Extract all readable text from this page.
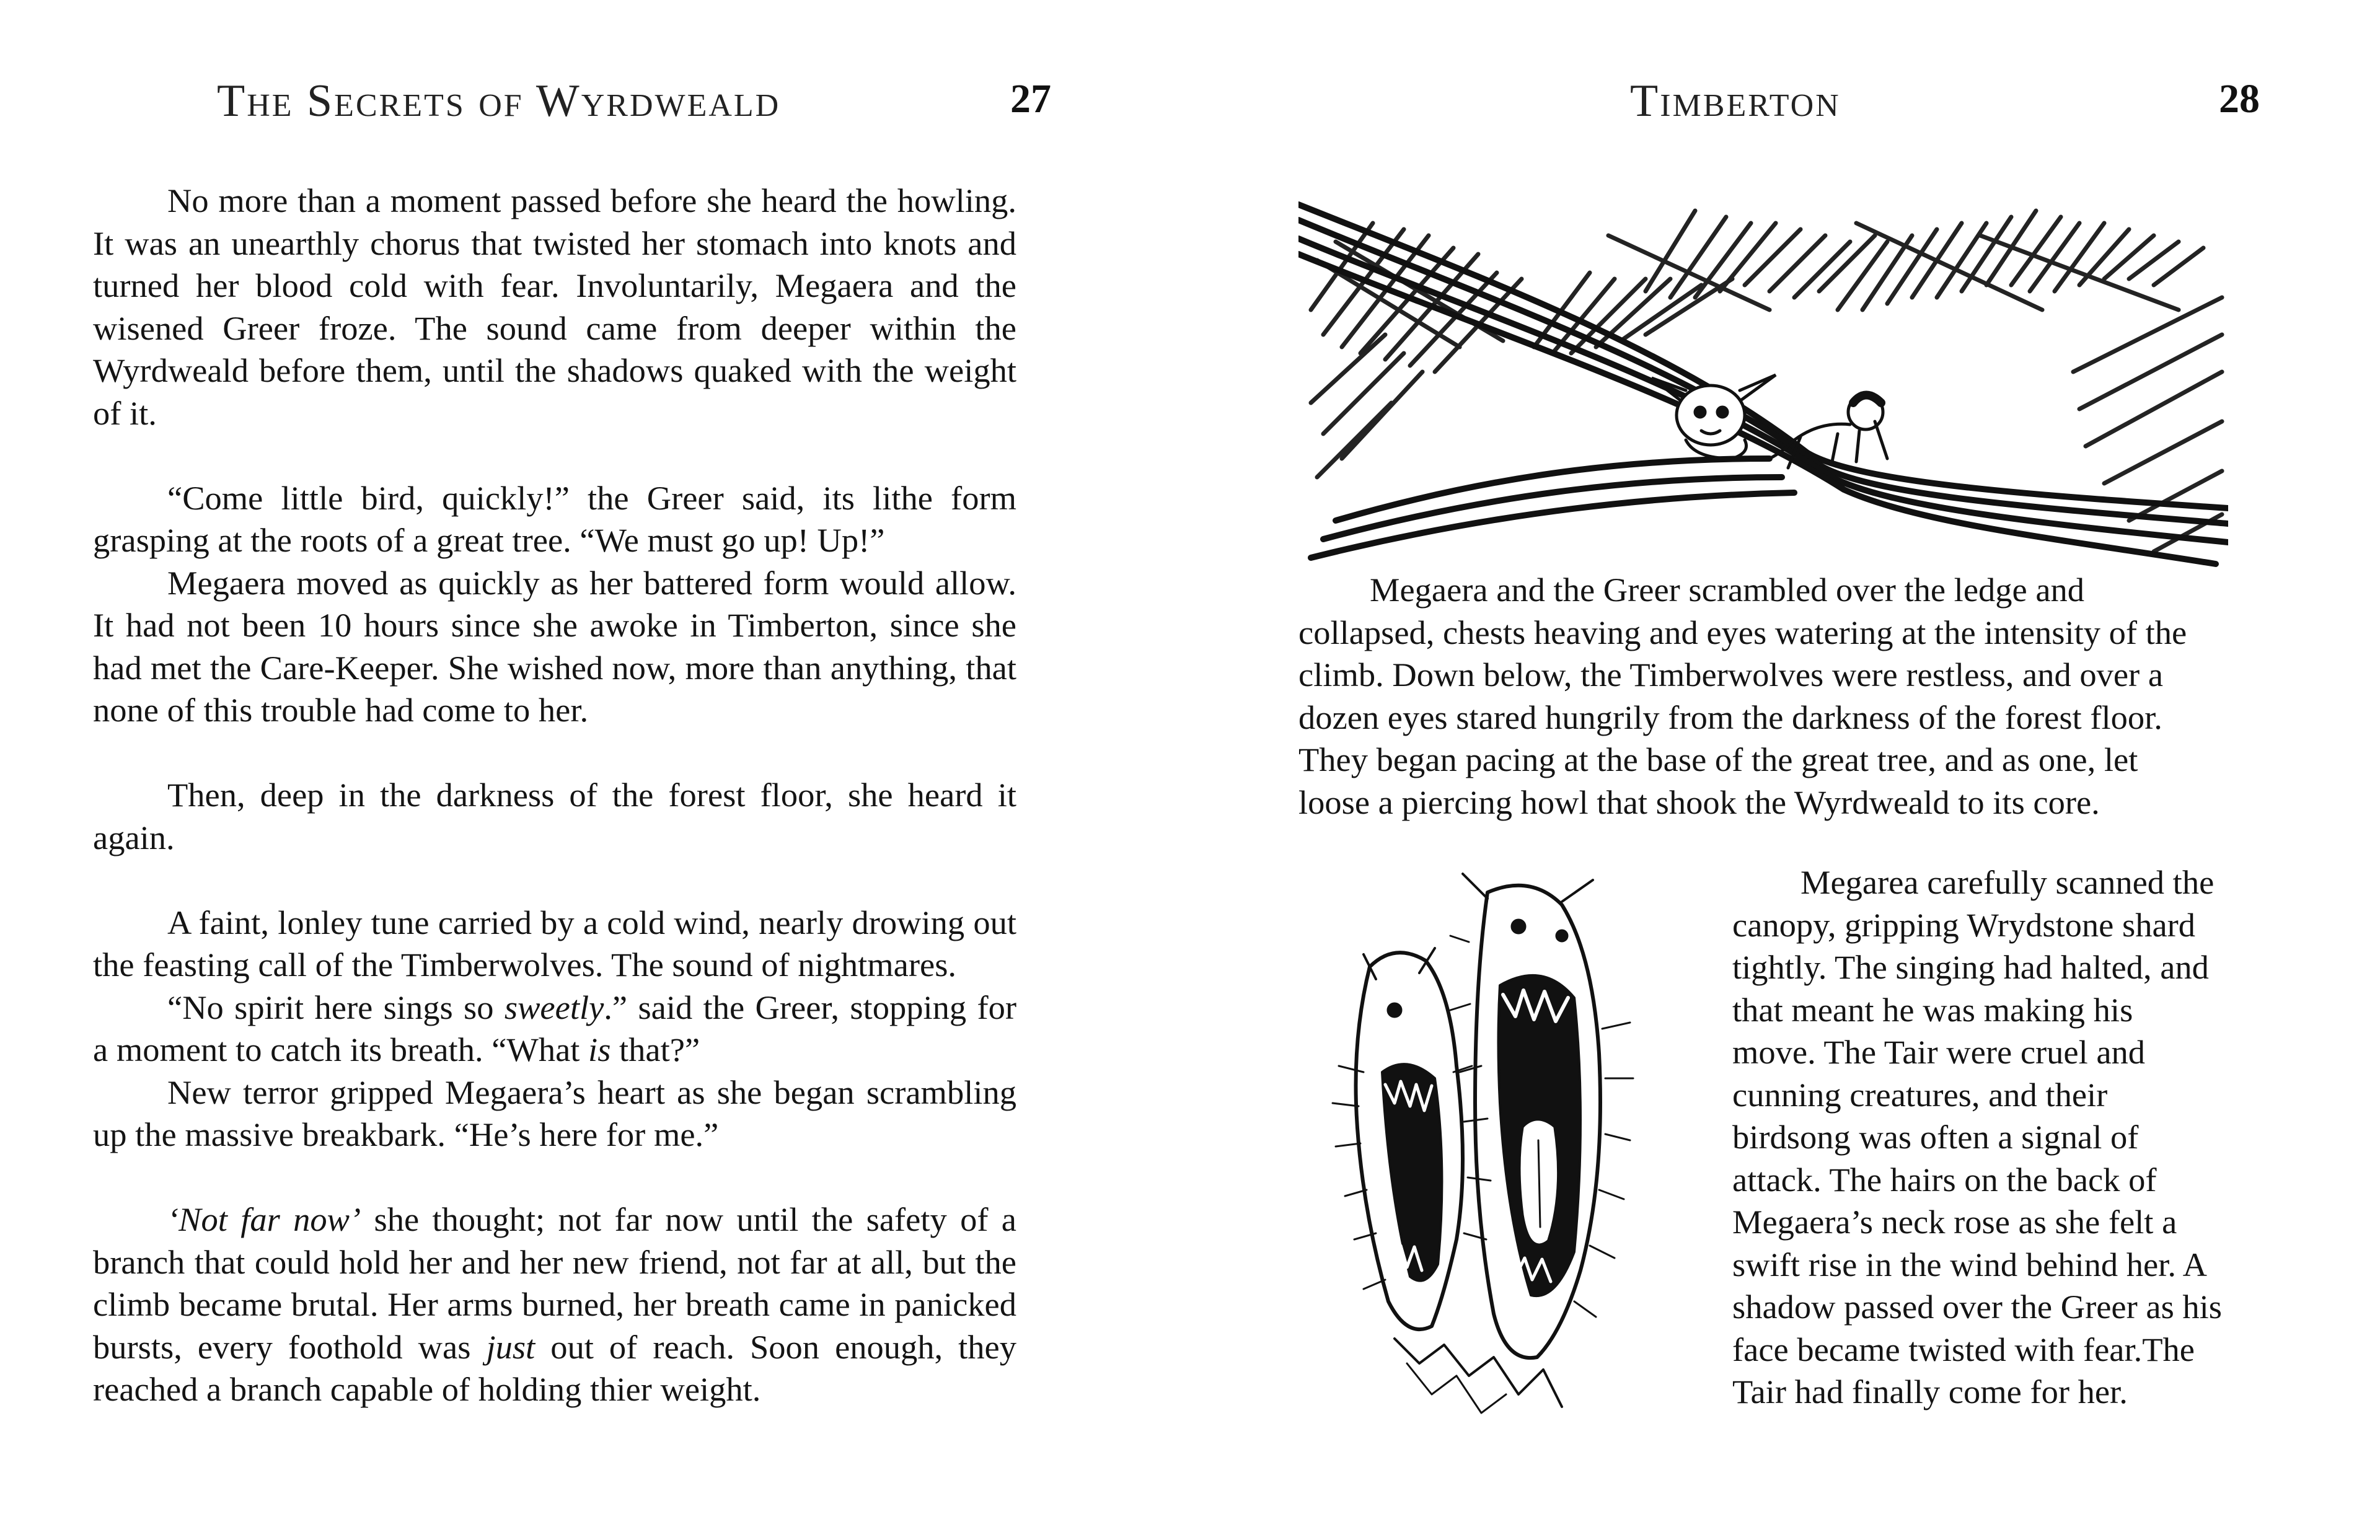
The Secrets of Wyrdweald	27

No more than a moment passed before she heard the howling. It was an unearthly chorus that twisted her stomach into knots and turned her blood cold with fear. Involuntarily, Megaera and the wisened Greer froze. The sound came from deeper within the Wyrdweald before them, until the shadows quaked with the weight of it.

“Come little bird, quickly!” the Greer said, its lithe form grasping at the roots of a great tree. “We must go up! Up!”

Megaera moved as quickly as her battered form would allow. It had not been 10 hours since she awoke in Timberton, since she had met the Care-Keeper. She wished now, more than anything, that none of this trouble had come to her.

Then, deep in the darkness of the forest floor, she heard it again.

A faint, lonley tune carried by a cold wind, nearly drowing out the feasting call of the Timberwolves. The sound of nightmares.

“No spirit here sings so sweetly.” said the Greer, stopping for a moment to catch its breath. “What is that?”

New terror gripped Megaera’s heart as she began scrambling up the massive breakbark. “He’s here for me.”

‘Not far now’ she thought; not far now until the safety of a branch that could hold her and her new friend, not far at all, but the climb became brutal. Her arms burned, her breath came in panicked bursts, every foothold was just out of reach. Soon enough, they reached a branch capable of holding thier weight.

Timberton	28

Megaera and the Greer scrambled over the ledge and collapsed, chests heaving and eyes watering at the intensity of the climb. Down below, the Timberwolves were restless, and over a dozen eyes stared hungrily from the darkness of the forest floor. They began pacing at the base of the great tree, and as one, let loose a piercing howl that shook the Wyrdweald to its core.

Megarea carefully scanned the canopy, gripping Wrydstone shard tightly. The singing had halted, and that meant he was making his move. The Tair were cruel and cunning creatures, and their birdsong was often a signal of attack. The hairs on the back of Megaera’s neck rose as she felt a swift rise in the wind behind her. A shadow passed over the Greer as his face became twisted with fear.The Tair had finally come for her.
